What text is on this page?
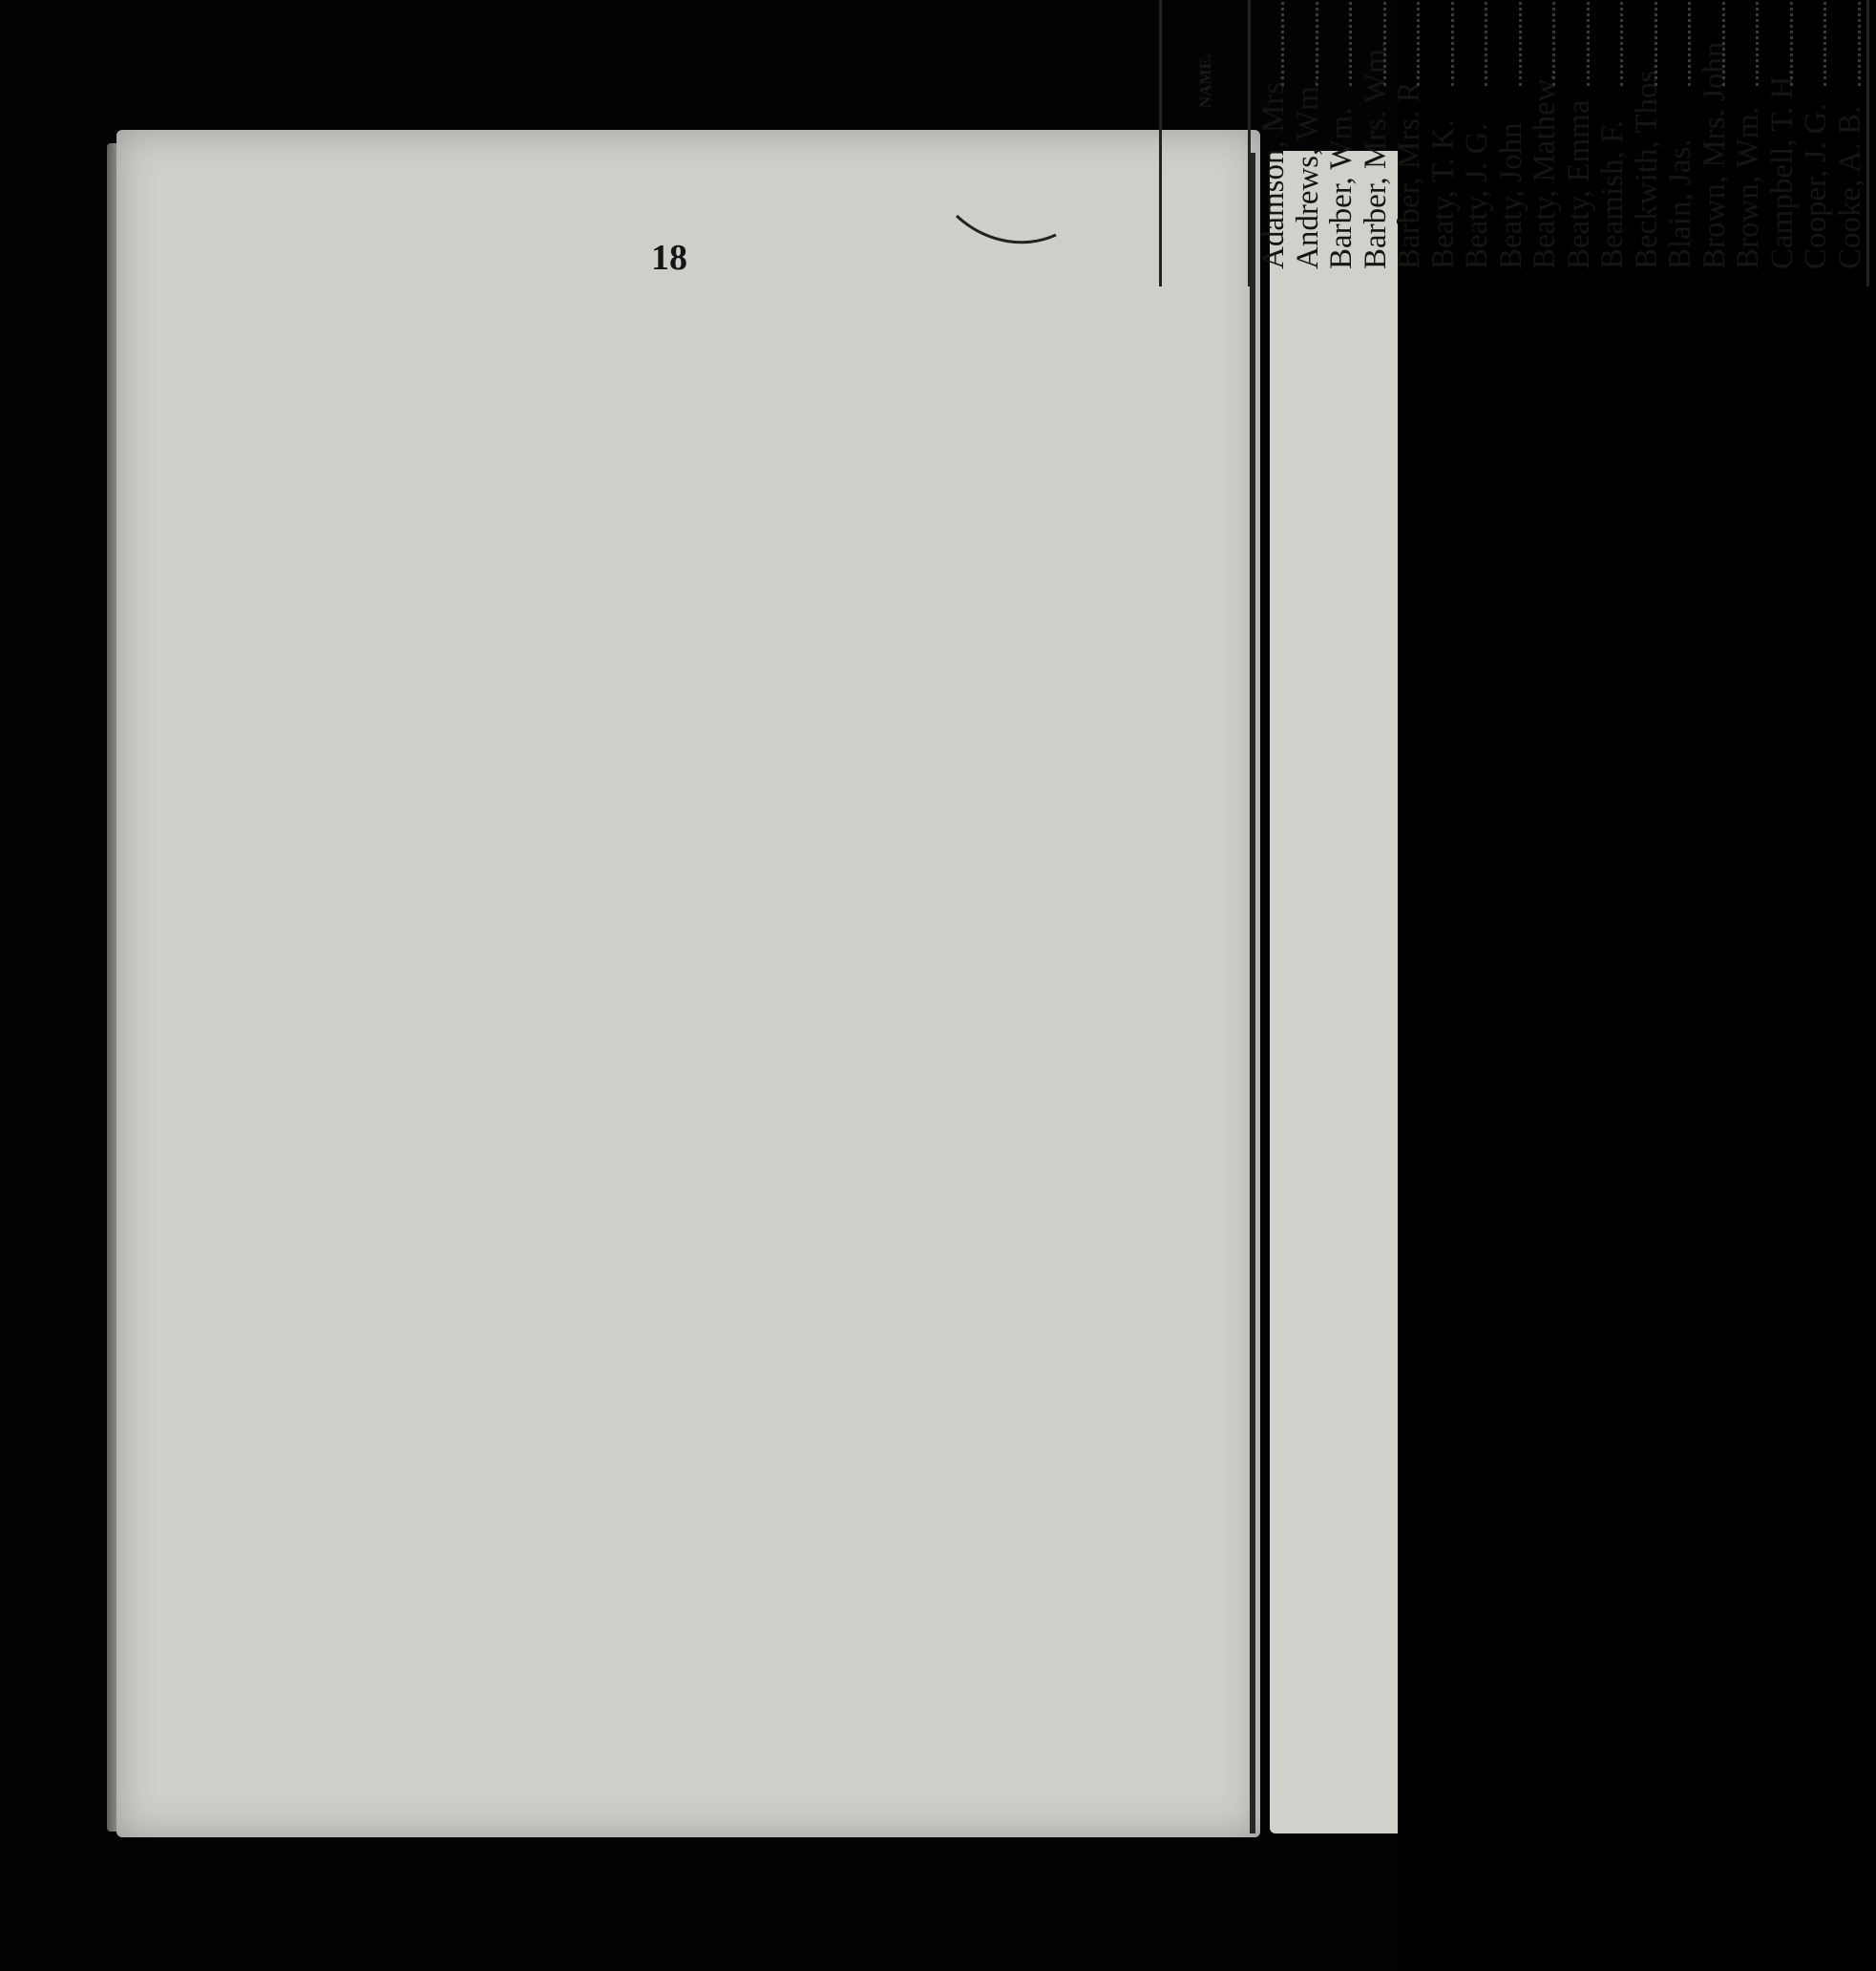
18
NAME. Adamson, Mrs. Andrews, Wm. Barber, Wm. Barber, Mrs. Wm. Barber, Mrs. R. Beaty, T. K. Beaty, J. G. Beaty, John Beaty, Mathew. Beaty, Emma Beamish, F. Beckwith, Thos. Blain, Jas. Brown, Mrs. John Brown, Wm. Campbell, T. H. Cooper, J. G. Cooke, A. B.
